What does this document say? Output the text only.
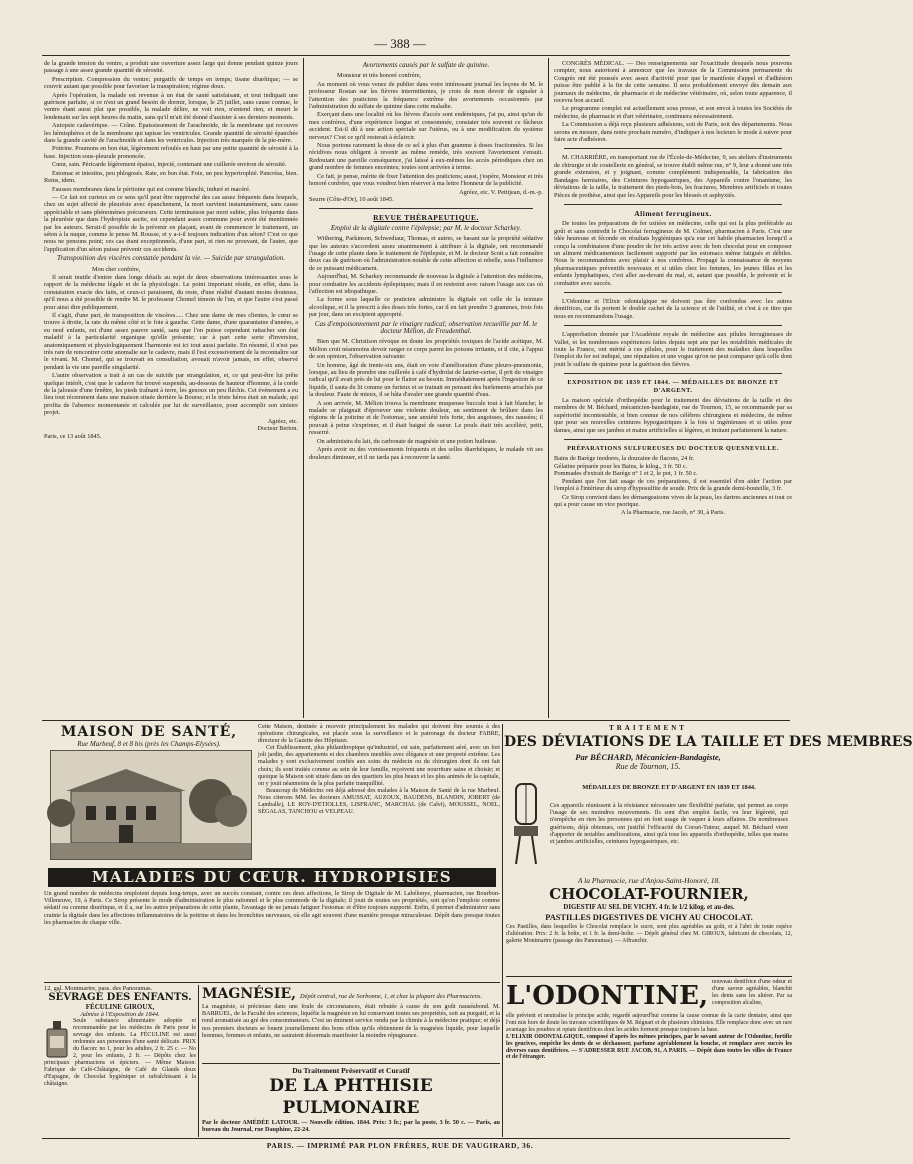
— 388 —

de la grande tension du ventre, a produit une ouverture assez large qui donne pendant quinze jours passage à une assez grande quantité de sérosité.

Prescription. Compression du ventre; purgatifs de temps en temps; tisane diurétique; — se couvrir autant que possible pour favoriser la transpiration; régime doux.

Après l'opération, la malade est revenue à un état de santé satisfaisant, et tout indiquait une guérison parfaite, si ce n'est un grand besoin de dormir, lorsque, le 25 juillet, sans cause connue, le ventre étant aussi plat que possible, la malade délire, ne voit rien, n'entend rien, et meurt le lendemain sur les sept heures du matin, sans qu'il m'ait été donné d'assister à ses derniers moments.

Autopsie cadavérique. — Crâne. Épaississement de l'arachnoïde, de la membrane qui recouvre les hémisphères et de la membrane qui tapisse les ventricules. Grande quantité de sérosité épanchée dans la grande cavité de l'arachnoïde et dans les ventricules. Injection très marquée de la pie-mère.

Poitrine. Poumons en bon état, légèrement refoulés en haut par une petite quantité de sérosité à la base. Injection sous-pleurale prononcée.

Cœur, sain. Péricarde légèrement épaissi, injecté, contenant une cuillerée environ de sérosité.

Estomac et intestins, peu phlogosés. Rate, en bon état. Foie, un peu hypertrophié. Pancréas, bien. Reins, idem.

Fausses membranes dans le péritoine qui est comme blanchi, induré et macéré.

— Ce fait est curieux en ce sens qu'il peut être rapproché des cas assez fréquents dans lesquels, chez un sujet affecté de pleurésie avec épanchement, la mort survient instantanément, sans cause appréciable et sans phénomènes précurseurs. Cette terminaison par mort subite, plus fréquente dans la pleurésie que dans l'hydropisie ascite, est cependant assez commune pour avoir été mentionnée par les auteurs. Serait-il possible de la prévenir en plaçant, avant de commencer le traitement, un séton à la nuque, comme le pense M. Rousse, et y a-t-il toujours indication d'un séton? C'est ce que nous ne pensons point; ces cas étant exceptionnels, d'une part, et rien ne prouvant, de l'autre, que l'application d'un séton puisse prévenir ces accidents.

Transposition des viscères constatée pendant la vie. — Suicide par strangulation.

Mon cher confrère,

Il serait inutile d'entrer dans longs détails au sujet de deux observations intéressantes sous le rapport de la médecine légale et de la physiologie. Le point important réside, en effet, dans la constatation exacte des faits, et ceux-ci paraissent, du reste, d'une réalité d'autant moins douteuse, qu'il nous a été possible de rendre M. le professeur Chomel témoin de l'un, et que l'autre s'est passé pour ainsi dire publiquement.

Il s'agit, d'une part, de transposition de viscères..... Chez une dame de mes clientes, le cœur se trouve à droite, la rate du même côté et le foie à gauche. Cette dame, d'une quarantaine d'années, a eu neuf enfants, est d'une assez pauvre santé, sans que l'on puisse cependant rattacher son état maladif à la particularité organique qu'elle présente; car à part cette sorte d'inversion, anatomiquement et physiologiquement l'harmonie est ici tout aussi parfaite. En résumé, il n'est pas très rare de rencontrer cette anomalie sur le cadavre, mais il l'est excessivement de la reconnaître sur le vivant. M. Chomel, qui se trouvait en consultation, avouait n'avoir jamais, en effet, observé pendant la vie une pareille singularité.

L'autre observation a trait à un cas de suicide par strangulation, et, ce qui peut-être lui prête quelque intérêt, c'est que le cadavre fut trouvé suspendu, au-dessous de hauteur d'homme, à la corde de la jalousie d'une fenêtre, les pieds traînant à terre, les genoux un peu fléchis. Cet événement a eu lieu tout récemment dans une maison située derrière la Bourse; et le triste héros était un malade, qui profita de l'absence momentanée et calculée par lui de surveillance, pour accomplir son sinistre projet.

Agréez, etc.
Docteur Berton.
Paris, ce 13 août 1845.
Avortements causés par le sulfate de quinine.

Monsieur et très honoré confrère,

Au moment où vous venez de publier dans votre intéressant journal les leçons de M. le professeur Rostan sur les fièvres intermittentes, je crois de mon devoir de signaler à l'attention des praticiens la fréquence extrême des avortements occasionnés par l'administration du sulfate de quinine dans cette maladie.

Exerçant dans une localité où les fièvres d'accès sont endémiques, j'ai pu, ainsi qu'un de mes confrères, d'une expérience longue et consommée, constater très souvent ce fâcheux accident. Est-il dû à une action spéciale sur l'utérus, ou à une modification du système nerveux? C'est ce qu'il resterait à éclaircir.

Nous portons rarement la dose de ce sel à plus d'un gramme à doses fractionnées. Si les récidives nous obligent à revenir au même remède, très souvent l'avortement s'ensuit. Redoutant une pareille conséquence, j'ai laissé à eux-mêmes les accès périodiques chez un grand nombre de femmes enceintes; toutes sont arrivées à terme.

Ce fait, je pense, mérite de fixer l'attention des praticiens; aussi, j'espère, Monsieur et très honoré confrère, que vous voudrez bien réserver à ma lettre l'honneur de la publicité.

Agréez, etc. V. Petitjean, d.-m.-p.
Seurre (Côte-d'Or), 10 août 1845.
REVUE THÉRAPEUTIQUE.
Emploi de la digitale contre l'épilepsie; par M. le docteur Scharkey.

Withering, Parkinson, Schwediaur, Thomas, et autres, se basant sur la propriété sédative que les auteurs s'accordent assez unanimement à attribuer à la digitale, ont recommandé l'usage de cette plante dans le traitement de l'épilepsie, et M. le docteur Scott a fait connaître deux cas de guérison où l'administration notable de cette affection si rebelle, sous l'influence de ce puissant médicament.

Aujourd'hui, M. Scharkey recommande de nouveau la digitale à l'attention des médecins, pour combattre les accidents épileptiques; mais il en restreint avec raison l'usage aux cas où l'affection est idiopathique.

La forme sous laquelle ce praticien administre la digitale est celle de la teinture alcoolique, et il la prescrit à des doses très fortes, car il en fait prendre 3 grammes, trois fois par jour, dans un excipient approprié.

Cas d'empoisonnement par le vinaigre radical; observation recueillie par M. le docteur Mélion, de Freudenthal.

Bien que M. Christison révoque en doute les propriétés toxiques de l'acide acétique, M. Mélion croit néanmoins devoir ranger ce corps parmi les poisons irritants, et il cite, à l'appui de son opinion, l'observation suivante:

Un homme, âgé de trente-six ans, était en voie d'amélioration d'une pleuro-pneumonie, lorsque, au lieu de prendre une cuillerée à café d'hydrolat de laurier-cerise, il prit du vinaigre radical qu'il avait près de lui pour le flairer au besoin. Immédiatement après l'ingestion de ce liquide, il sauta du lit comme un furieux et se trainait en pensant des hurlements arrachés par la douleur. Faute de mieux, il se hâta d'avaler une grande quantité d'eau.

A son arrivée, M. Mélion trouva la membrane muqueuse buccale tout à fait blanche; le malade se plaignait d'éprouver une violente douleur, un sentiment de brûlure dans les régions de la poitrine et de l'estomac, une anxiété très forte, des angoisses, des nausées; il pouvait à peine s'exprimer, et il était baigné de sueur. Le pouls était très accéléré, petit, resserré.

On administra du lait, du carbonate de magnésie et une potion huileuse.

Après avoir eu des vomissements fréquents et des selles diarrhéiques, le malade vit ses douleurs diminuer, et il ne tarda pas à recouvrer la santé.

CONGRÈS MÉDICAL. — Des renseignements sur l'exactitude desquels nous pouvons compter, nous autorisent à annoncer que les travaux de la Commission permanente du Congrès ont été poussés avec assez d'activité pour que le manifeste d'appel et d'adhésion puisse être publié à la fin de cette semaine. Il sera probablement envoyé dès demain aux journaux de médecine, de pharmacie et de médecine vétérinaire, où, selon toute apparence, il recevra bon accueil.

Le programme complet est actuellement sous presse, et son envoi à toutes les Sociétés de médecine, de pharmacie et d'art vétérinaire, continuera nécessairement.

La Commission a déjà reçu plusieurs adhésions, soit de Paris, soit des départements. Nous serons en mesure, dans notre prochain numéro, d'indiquer à nos lecteurs le mode à suivre pour faire acte d'adhésion.

M. CHARRIÈRE, en transportant rue de l'École-de-Médecine, 9, ses ateliers d'instruments de chirurgie et de coutellerie en général, se trouve établi même rue, n° 9, leur a donné une très grande extension, et y joignant, comme complément indispensable, la fabrication des Bandages herniaires, des Ceintures hypogastriques, des Appareils contre l'onanisme, les déviations de la taille, le traitement des pieds-bots, les fractures, Membres artificiels et toutes Pièces de prothèse, ainsi que les Appareils pour les blessés et asphyxiés.

Aliment ferrugineux.

De toutes les préparations de fer usitées en médecine, celle qui est la plus préférable au goût et sans contredit le Chocolat ferrugineux de M. Colmet, pharmacien à Paris. C'est une idée heureuse et féconde en résultats hygiéniques qu'a eue cet habile pharmacien lorsqu'il a conçu la combinaison d'une poudre de fer très active avec de bon chocolat pour en composer un aliment médicamenteux facilement supporté par les estomacs même fatigués et débiles. Nous le recommandons avec plaisir à nos confrères. Propagé la connaissance de moyens pharmaceutiques préventifs nouveaux et si utiles chez les femmes, les jeunes filles et les enfants lymphatiques, c'est aller au-devant du mal, et, autant que possible, le prévenir et le combattre avec succès.

L'Odontine et l'Elixir odontalgique ne doivent pas être confondus avec les autres dentifrices, car ils portent le double cachet de la science et de l'utilité, et c'est à ce titre que nous en recommandons l'usage.

L'approbation donnée par l'Académie royale de médecine aux pilules ferrugineuses de Vallet, et les nombreuses expériences faites depuis sept ans par les notabilités médicales de toute la France, ont mérité à ces pilules, pour le traitement des maladies dans lesquelles l'emploi du fer est indiqué, une réputation et une vogue qu'on ne peut comparer qu'à celle dont jouit le sulfate de quinine pour la guérison des fièvres.

EXPOSITION DE 1839 ET 1844. — MÉDAILLES DE BRONZE ET D'ARGENT.

La maison spéciale d'orthopédie pour le traitement des déviations de la taille et des membres de M. Béchard, mécanicien-bandagiste, rue de Tournon, 15, se recommande par sa supériorité incontestable, si bien connue de nos célèbres chirurgiens et médecins, de même que pour ses nouvelles ceintures hypogastriques à la fois si ingénieuses et si utiles pour dames, ainsi que ses jambes et mains artificielles si légères, et imitant parfaitement la nature.

PRÉPARATIONS SULFUREUSES DU DOCTEUR QUESNEVILLE.
Bains de Barège inodores, la douzaine de flacons, 24 fr.
Gélatine préparée pour les Bains, le kilog., 3 fr. 50 c.
Pommades d'extrait de Barège n° 1 et 2, le pot, 1 fr. 50 c.

Pendant que l'on fait usage de ces préparations, il est essentiel d'en aider l'action par l'emploi à l'intérieur du sirop d'hyposulfite de soude. Prix de la grande demi-bouteille, 3 fr.

Ce Sirop convient dans les démangeaisons vives de la peau, les dartres anciennes et tout ce qui a pour cause un vice psorique.

A la Pharmacie, rue Jacob, n° 30, à Paris.
MAISON DE SANTÉ,
Rue Marbeuf, 8 et 8 bis (près les Champs-Elysées).
Cette Maison, destinée à recevoir principalement les malades qui doivent être soumis à des opérations chirurgicales, est placée sous la surveillance et le patronage du docteur FABRE, directeur de la Gazette des Hôpitaux.
Cet Établissement, plus philanthropique qu'industriel, est sain, parfaitement aéré, avec un fort joli jardin, des appartements et des chambres meublés avec élégance et une propreté extrême. Les malades y sont exclusivement confiés aux soins du médecin ou du chirurgien dont ils ont fait choix; ils sont traités comme au sein de leur famille, reçoivent une nourriture saine et choisie; et quoique la Maison soit située dans un des quartiers les plus beaux et les plus animés de la capitale, on y jouit néanmoins de la plus parfaite tranquillité.
Beaucoup de Médecins ont déjà adressé des malades à la Maison de Santé de la rue Marbeuf. Nous citerons MM. les docteurs AMUSSAT, AUZOUX, BAUDENS, BLANDIN, JOBERT (de Lamballe), LE ROY-D'ETIOLLES, LISFRANC, MARCHAL (de Calvi), MOUSSEL, NOEL, SÉGALAS, TANCHOU et VELPEAU.
TRAITEMENT
DES DÉVIATIONS DE LA TAILLE ET DES MEMBRES
Par BÉCHARD, Mécanicien-Bandagiste,
Rue de Tournon, 15.
MÉDAILLES DE BRONZE ET D'ARGENT EN 1839 ET 1844.
Ces appareils réunissent à la résistance nécessaire une flexibilité parfaite, qui permet au corps l'usage de ses moindres mouvements. Ils sont d'un emploi facile, vu leur légèreté, qui n'empêche en rien les personnes qui en font usage de vaquer à leurs affaires. De nombreuses guérisons, déjà obtenues, ont justifié l'efficacité du Corset-Tuteur, auquel M. Béchard vient d'apporter de notables améliorations, ainsi qu'à tous les appareils d'orthopédie, telles que mains et jambes artificielles, ceintures hypogastriques, etc.
MALADIES DU CŒUR. HYDROPISIES
Un grand nombre de médecins emploient depuis long-temps, avec un succès constant, contre ces deux affections, le Sirop de Digitale de M. Labélonye, pharmacien, rue Bourbon-Villeneuve, 19, à Paris. Ce Sirop présente le mode d'administration le plus rationnel et le plus commode de la digitale; il jouit de toutes ses propriétés, soit qu'on l'emploie comme sédatif ou comme diurétique, et il a, sur les autres préparations de cette plante, l'avantage de ne jamais fatiguer l'estomac et d'être toujours supporté. Enfin, il permet d'administrer sans crainte la digitale dans les affections inflammatoires de la poitrine et dans les bronchites nerveuses, où elle agit souvent d'une manière presque miraculeuse. Dépôt dans presque toutes les pharmacies de chaque ville.
12, gal. Montmartre, pass. des Panoramas.
SÈVRAGE DES ENFANTS.
FÉCULINE GIROUX,
Admise à l'Exposition de 1844.
Seule substance alimentaire adoptée et recommandée par les médecins de Paris pour le sevrage des enfants. La FÉCULINE est aussi ordonnée aux personnes d'une santé délicate. PRIX du flacon: no 1, pour les adultes, 2 fr. 25 c. — No 2, pour les enfants, 2 fr. — Dépôts chez les principaux pharmaciens et épiciers. — Même Maison: Fabrique de Café-Châtaigne, de Café de Glands doux d'Espagne, de Chocolat hygiénique et rafraîchissant à la châtaigne.
MAGNÉSIE, Dépôt central, rue de Sorbonne, 1, et chez la plupart des Pharmaciens.
La magnésie, si précieuse dans une foule de circonstances, était rebutée à cause de son goût nauséabond. M. BARRUEL, de la Faculté des sciences, liquéfie la magnésie en lui conservant toutes ses propriétés, soit au purgatif, et la rend aromatisée au gré des consommateurs. C'est un éminent service rendu par la chimie à la médecine pratique; et déjà nos premiers docteurs se louent journellement des bons effets qu'ils obtiennent de la magnésie liquide, pour laquelle hommes, femmes et enfants, ne sauraient désormais manifester la moindre répugnance.
Du Traitement Préservatif et Curatif
DE LA PHTHISIE PULMONAIRE
Par le docteur AMÉDÉE LATOUR. — Nouvelle édition. 1844. Prix: 3 fr.; par la poste, 3 fr. 50 c. — Paris, au bureau du Journal, rue Dauphine, 22-24.
A la Pharmacie, rue d'Anjou-Saint-Honoré, 18.
CHOCOLAT-FOURNIER,
DIGESTIF AU SEL DE VICHY. 4 fr. le 1/2 kilog. et au-des.
PASTILLES DIGESTIVES DE VICHY AU CHOCOLAT.
Ces Pastilles, dans lesquelles le Chocolat remplace le sucre, sont plus agréables au goût, et à l'abri de toute espèce d'altération. Prix: 2 fr. la boîte, et 1 fr. la demi-boîte. — Dépôt général chez M. GIROUX, fabricant de chocolats, 12, galerie Montmartre (passage des Panoramas). — Affranchir.
L'ODONTINE, nouveau dentifrice d'une odeur et d'une saveur agréables, blanchit les dents sans les altérer. Par sa composition alcaline,
elle prévient et neutralise le principe acide, regardé aujourd'hui comme la cause connue de la carie dentaire, ainsi que l'ont mis hors de doute les travaux scientifiques de M. Régnart et de plusieurs chimistes. Elle remplace donc avec un rare avantage les poudres et opiats dentifrices dont les acides forment presque toujours la base.
L'ELIXIR ODONTALGIQUE, composé d'après les mêmes principes, par le savant auteur de l'Odontine, fortifie les gencives, empêche les dents de se déchausser, parfume agréablement la bouche, et remplace avec succès les diverses eaux dentifrices. — S'ADRESSER RUE JACOB, 91, A PARIS. — Dépôt dans toutes les villes de France et de l'étranger.
PARIS. — IMPRIMÉ PAR PLON FRÈRES, RUE DE VAUGIRARD, 36.
